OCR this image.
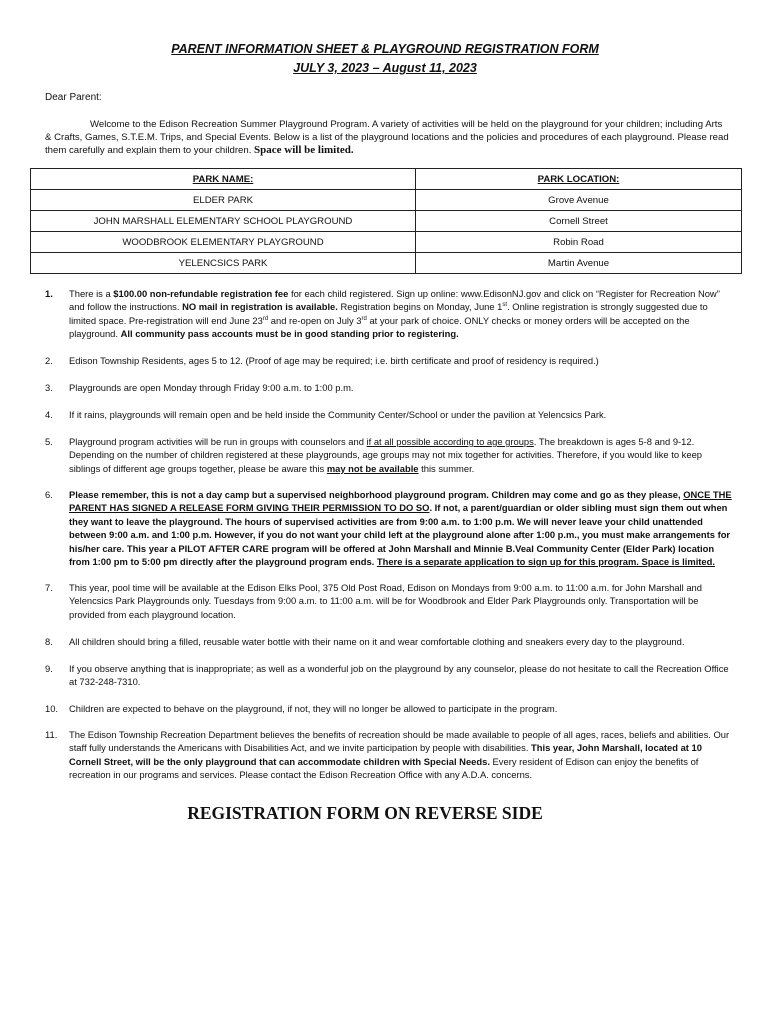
PARENT INFORMATION SHEET & PLAYGROUND REGISTRATION FORM
JULY 3, 2023 – August 11, 2023
Dear Parent:
Welcome to the Edison Recreation Summer Playground Program. A variety of activities will be held on the playground for your children; including Arts & Crafts, Games, S.T.E.M. Trips, and Special Events. Below is a list of the playground locations and the policies and procedures of each playground. Please read them carefully and explain them to your children. Space will be limited.
PARK NAME:	PARK LOCATION:
ELDER PARK	Grove Avenue
JOHN MARSHALL ELEMENTARY SCHOOL PLAYGROUND	Cornell Street
WOODBROOK ELEMENTARY PLAYGROUND	Robin Road
YELENCSICS PARK	Martin Avenue
1.	There is a $100.00 non-refundable registration fee for each child registered. Sign up online: www.EdisonNJ.gov and click on “Register for Recreation Now” and follow the instructions. NO mail in registration is available. Registration begins on Monday, June 1st. Online registration is strongly suggested due to limited space. Pre-registration will end June 23rd and re-open on July 3rd at your park of choice. ONLY checks or money orders will be accepted on the playground. All community pass accounts must be in good standing prior to registering.
2.	Edison Township Residents, ages 5 to 12. (Proof of age may be required; i.e. birth certificate and proof of residency is required.)
3.	Playgrounds are open Monday through Friday 9:00 a.m. to 1:00 p.m.
4.	If it rains, playgrounds will remain open and be held inside the Community Center/School or under the pavilion at Yelencsics Park.
5.	Playground program activities will be run in groups with counselors and if at all possible according to age groups. The breakdown is ages 5-8 and 9-12. Depending on the number of children registered at these playgrounds, age groups may not mix together for activities. Therefore, if you would like to keep siblings of different age groups together, please be aware this may not be available this summer.
6.	Please remember, this is not a day camp but a supervised neighborhood playground program. Children may come and go as they please, ONCE THE PARENT HAS SIGNED A RELEASE FORM GIVING THEIR PERMISSION TO DO SO. If not, a parent/guardian or older sibling must sign them out when they want to leave the playground. The hours of supervised activities are from 9:00 a.m. to 1:00 p.m. We will never leave your child unattended between 9:00 a.m. and 1:00 p.m. However, if you do not want your child left at the playground alone after 1:00 p.m., you must make arrangements for his/her care. This year a PILOT AFTER CARE program will be offered at John Marshall and Minnie B.Veal Community Center (Elder Park) location from 1:00 pm to 5:00 pm directly after the playground program ends. There is a separate application to sign up for this program. Space is limited.
7.	This year, pool time will be available at the Edison Elks Pool, 375 Old Post Road, Edison on Mondays from 9:00 a.m. to 11:00 a.m. for John Marshall and Yelencsics Park Playgrounds only. Tuesdays from 9:00 a.m. to 11:00 a.m. will be for Woodbrook and Elder Park Playgrounds only. Transportation will be provided from each playground location.
8.	All children should bring a filled, reusable water bottle with their name on it and wear comfortable clothing and sneakers every day to the playground.
9.	If you observe anything that is inappropriate; as well as a wonderful job on the playground by any counselor, please do not hesitate to call the Recreation Office at 732-248-7310.
10.	Children are expected to behave on the playground, if not, they will no longer be allowed to participate in the program.
11.	The Edison Township Recreation Department believes the benefits of recreation should be made available to people of all ages, races, beliefs and abilities. Our staff fully understands the Americans with Disabilities Act, and we invite participation by people with disabilities. This year, John Marshall, located at 10 Cornell Street, will be the only playground that can accommodate children with Special Needs. Every resident of Edison can enjoy the benefits of recreation in our programs and services. Please contact the Edison Recreation Office with any A.D.A. concerns.
REGISTRATION FORM ON REVERSE SIDE
